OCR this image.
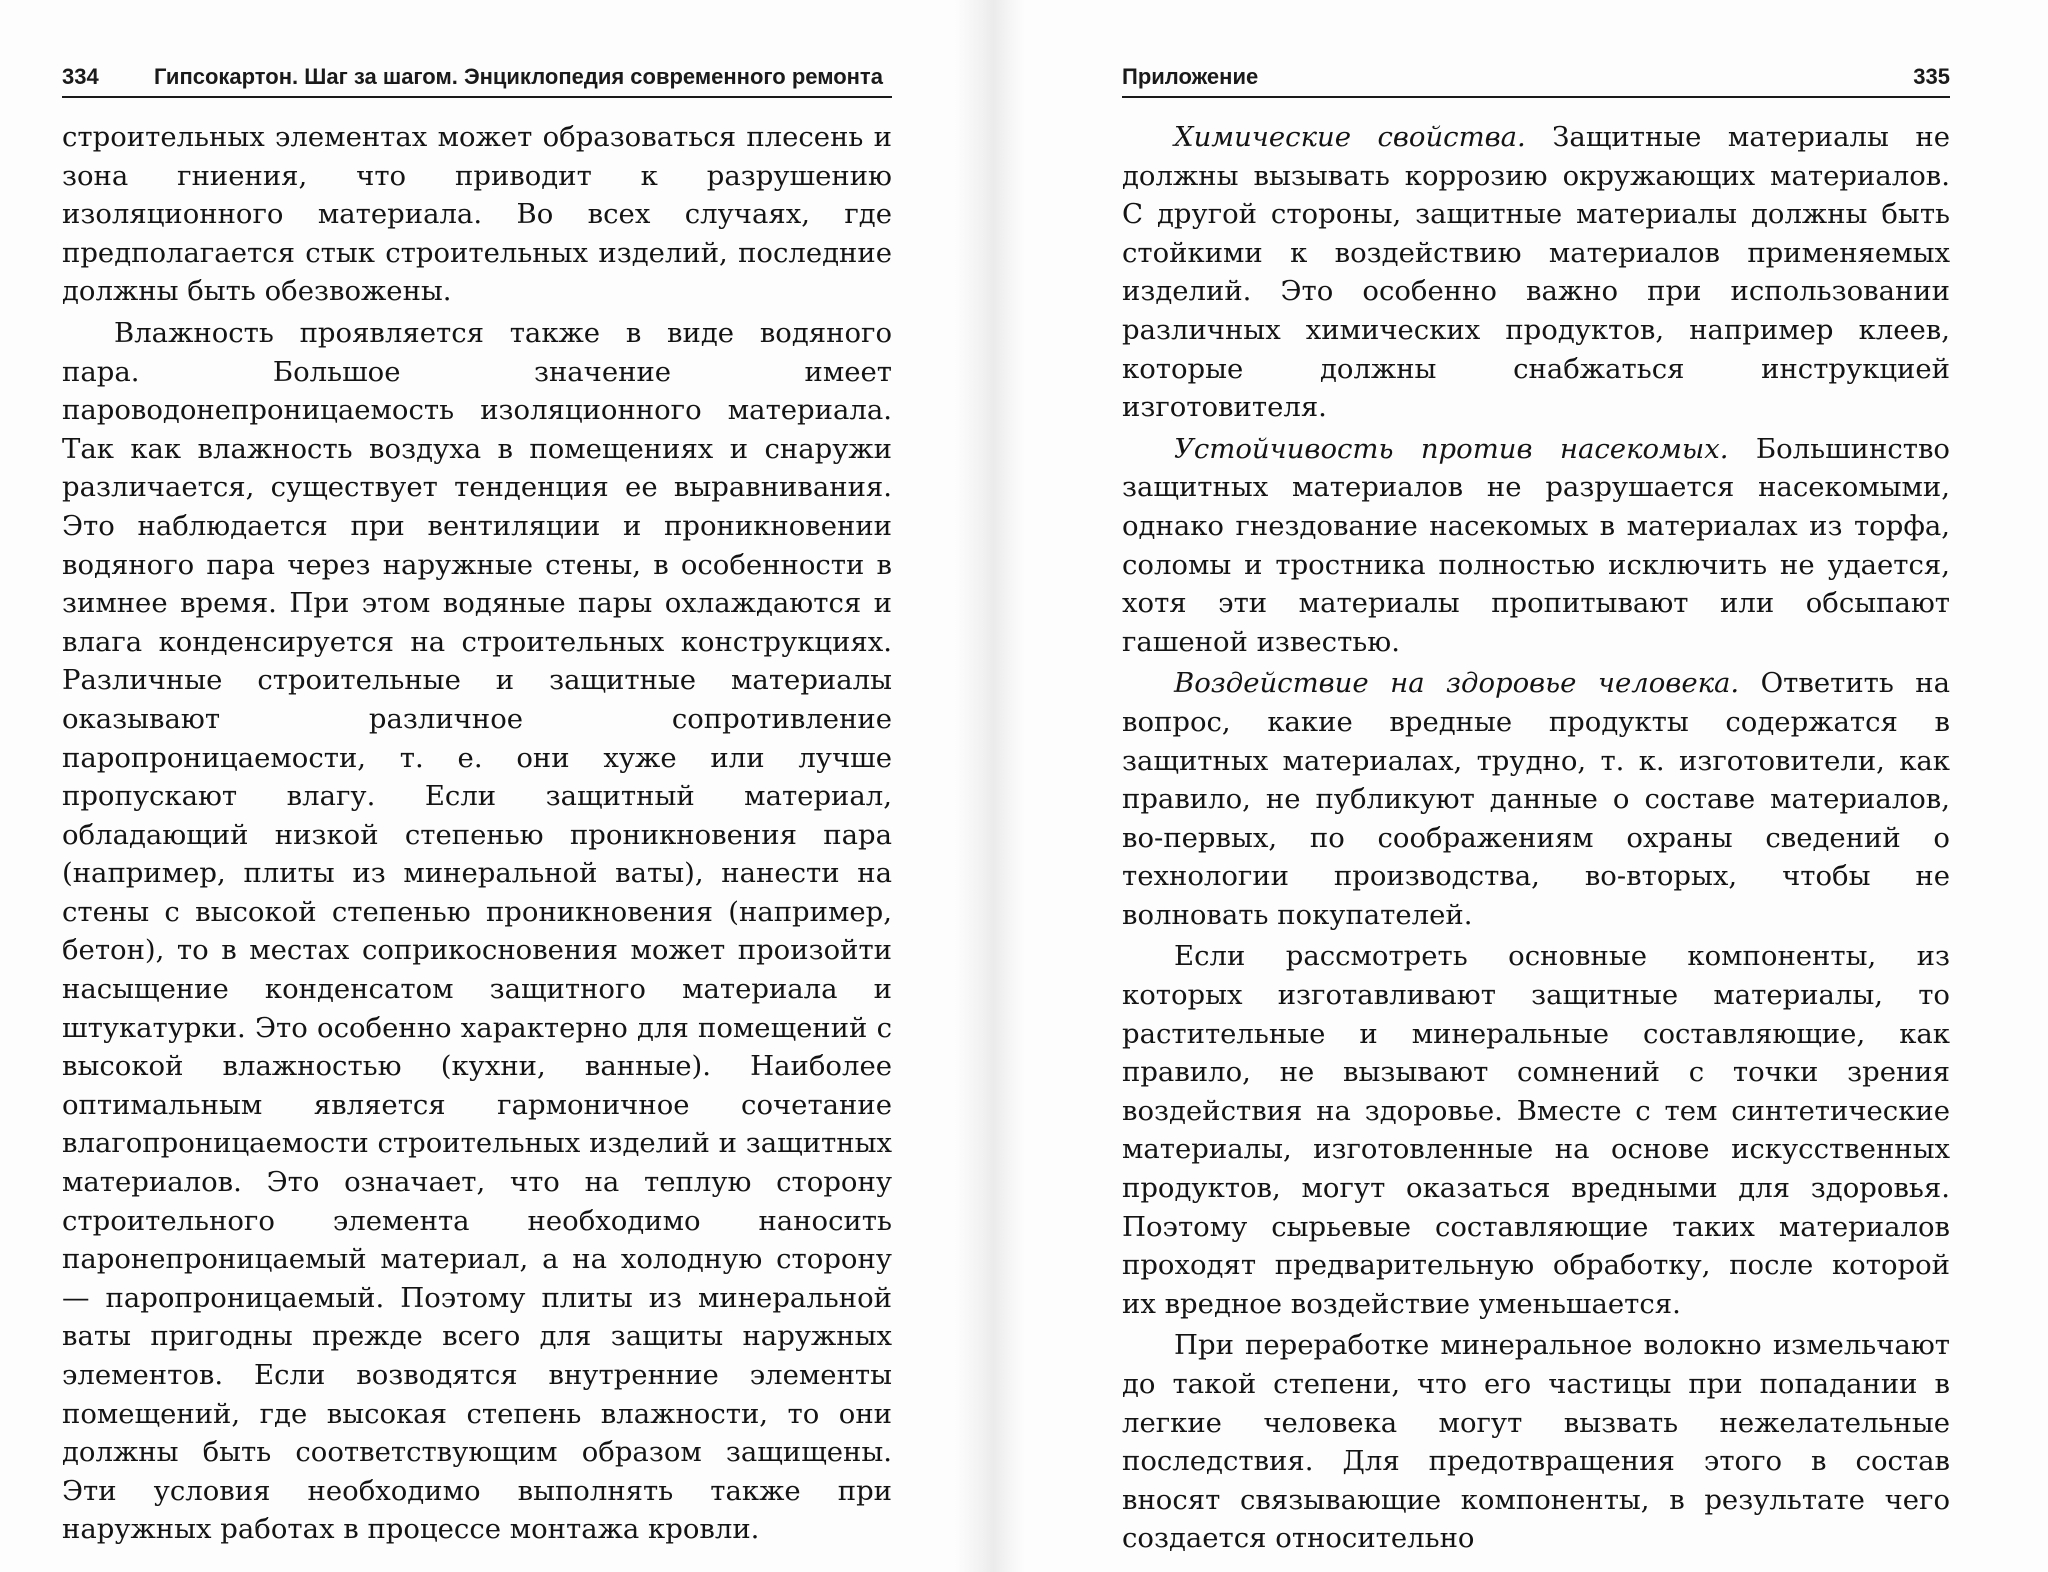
334	Гипсокартон. Шаг за шагом. Энциклопедия современного ремонта

строительных элементах может образоваться плесень и зона гниения, что приводит к разрушению изоляционного материала. Во всех случаях, где предполагается стык строительных изделий, последние должны быть обезвожены.

Влажность проявляется также в виде водяного пара. Большое значение имеет пароводонепроницаемость изоляционного материала. Так как влажность воздуха в помещениях и снаружи различается, существует тенденция ее выравнивания. Это наблюдается при вентиляции и проникновении водяного пара через наружные стены, в особенности в зимнее время. При этом водяные пары охлаждаются и влага конденсируется на строительных конструкциях. Различные строительные и защитные материалы оказывают различное сопротивление паропроницаемости, т. е. они хуже или лучше пропускают влагу. Если защитный материал, обладающий низкой степенью проникновения пара (например, плиты из минеральной ваты), нанести на стены с высокой степенью проникновения (например, бетон), то в местах соприкосновения может произойти насыщение конденсатом защитного материала и штукатурки. Это особенно характерно для помещений с высокой влажностью (кухни, ванные). Наиболее оптимальным является гармоничное сочетание влагопроницаемости строительных изделий и защитных материалов. Это означает, что на теплую сторону строительного элемента необходимо наносить паронепроницаемый материал, а на холодную сторону — паропроницаемый. Поэтому плиты из минеральной ваты пригодны прежде всего для защиты наружных элементов. Если возводятся внутренние элементы помещений, где высокая степень влажности, то они должны быть соответствующим образом защищены. Эти условия необходимо выполнять также при наружных работах в процессе монтажа кровли.

Приложение	335

Химические свойства. Защитные материалы не должны вызывать коррозию окружающих материалов. С другой стороны, защитные материалы должны быть стойкими к воздействию материалов применяемых изделий. Это особенно важно при использовании различных химических продуктов, например клеев, которые должны снабжаться инструкцией изготовителя.

Устойчивость против насекомых. Большинство защитных материалов не разрушается насекомыми, однако гнездование насекомых в материалах из торфа, соломы и тростника полностью исключить не удается, хотя эти материалы пропитывают или обсыпают гашеной известью.

Воздействие на здоровье человека. Ответить на вопрос, какие вредные продукты содержатся в защитных материалах, трудно, т. к. изготовители, как правило, не публикуют данные о составе материалов, во-первых, по соображениям охраны сведений о технологии производства, во-вторых, чтобы не волновать покупателей.

Если рассмотреть основные компоненты, из которых изготавливают защитные материалы, то растительные и минеральные составляющие, как правило, не вызывают сомнений с точки зрения воздействия на здоровье. Вместе с тем синтетические материалы, изготовленные на основе искусственных продуктов, могут оказаться вредными для здоровья. Поэтому сырьевые составляющие таких материалов проходят предварительную обработку, после которой их вредное воздействие уменьшается.

При переработке минеральное волокно измельчают до такой степени, что его частицы при попадании в легкие человека могут вызвать нежелательные последствия. Для предотвращения этого в состав вносят связывающие компоненты, в результате чего создается относительно
